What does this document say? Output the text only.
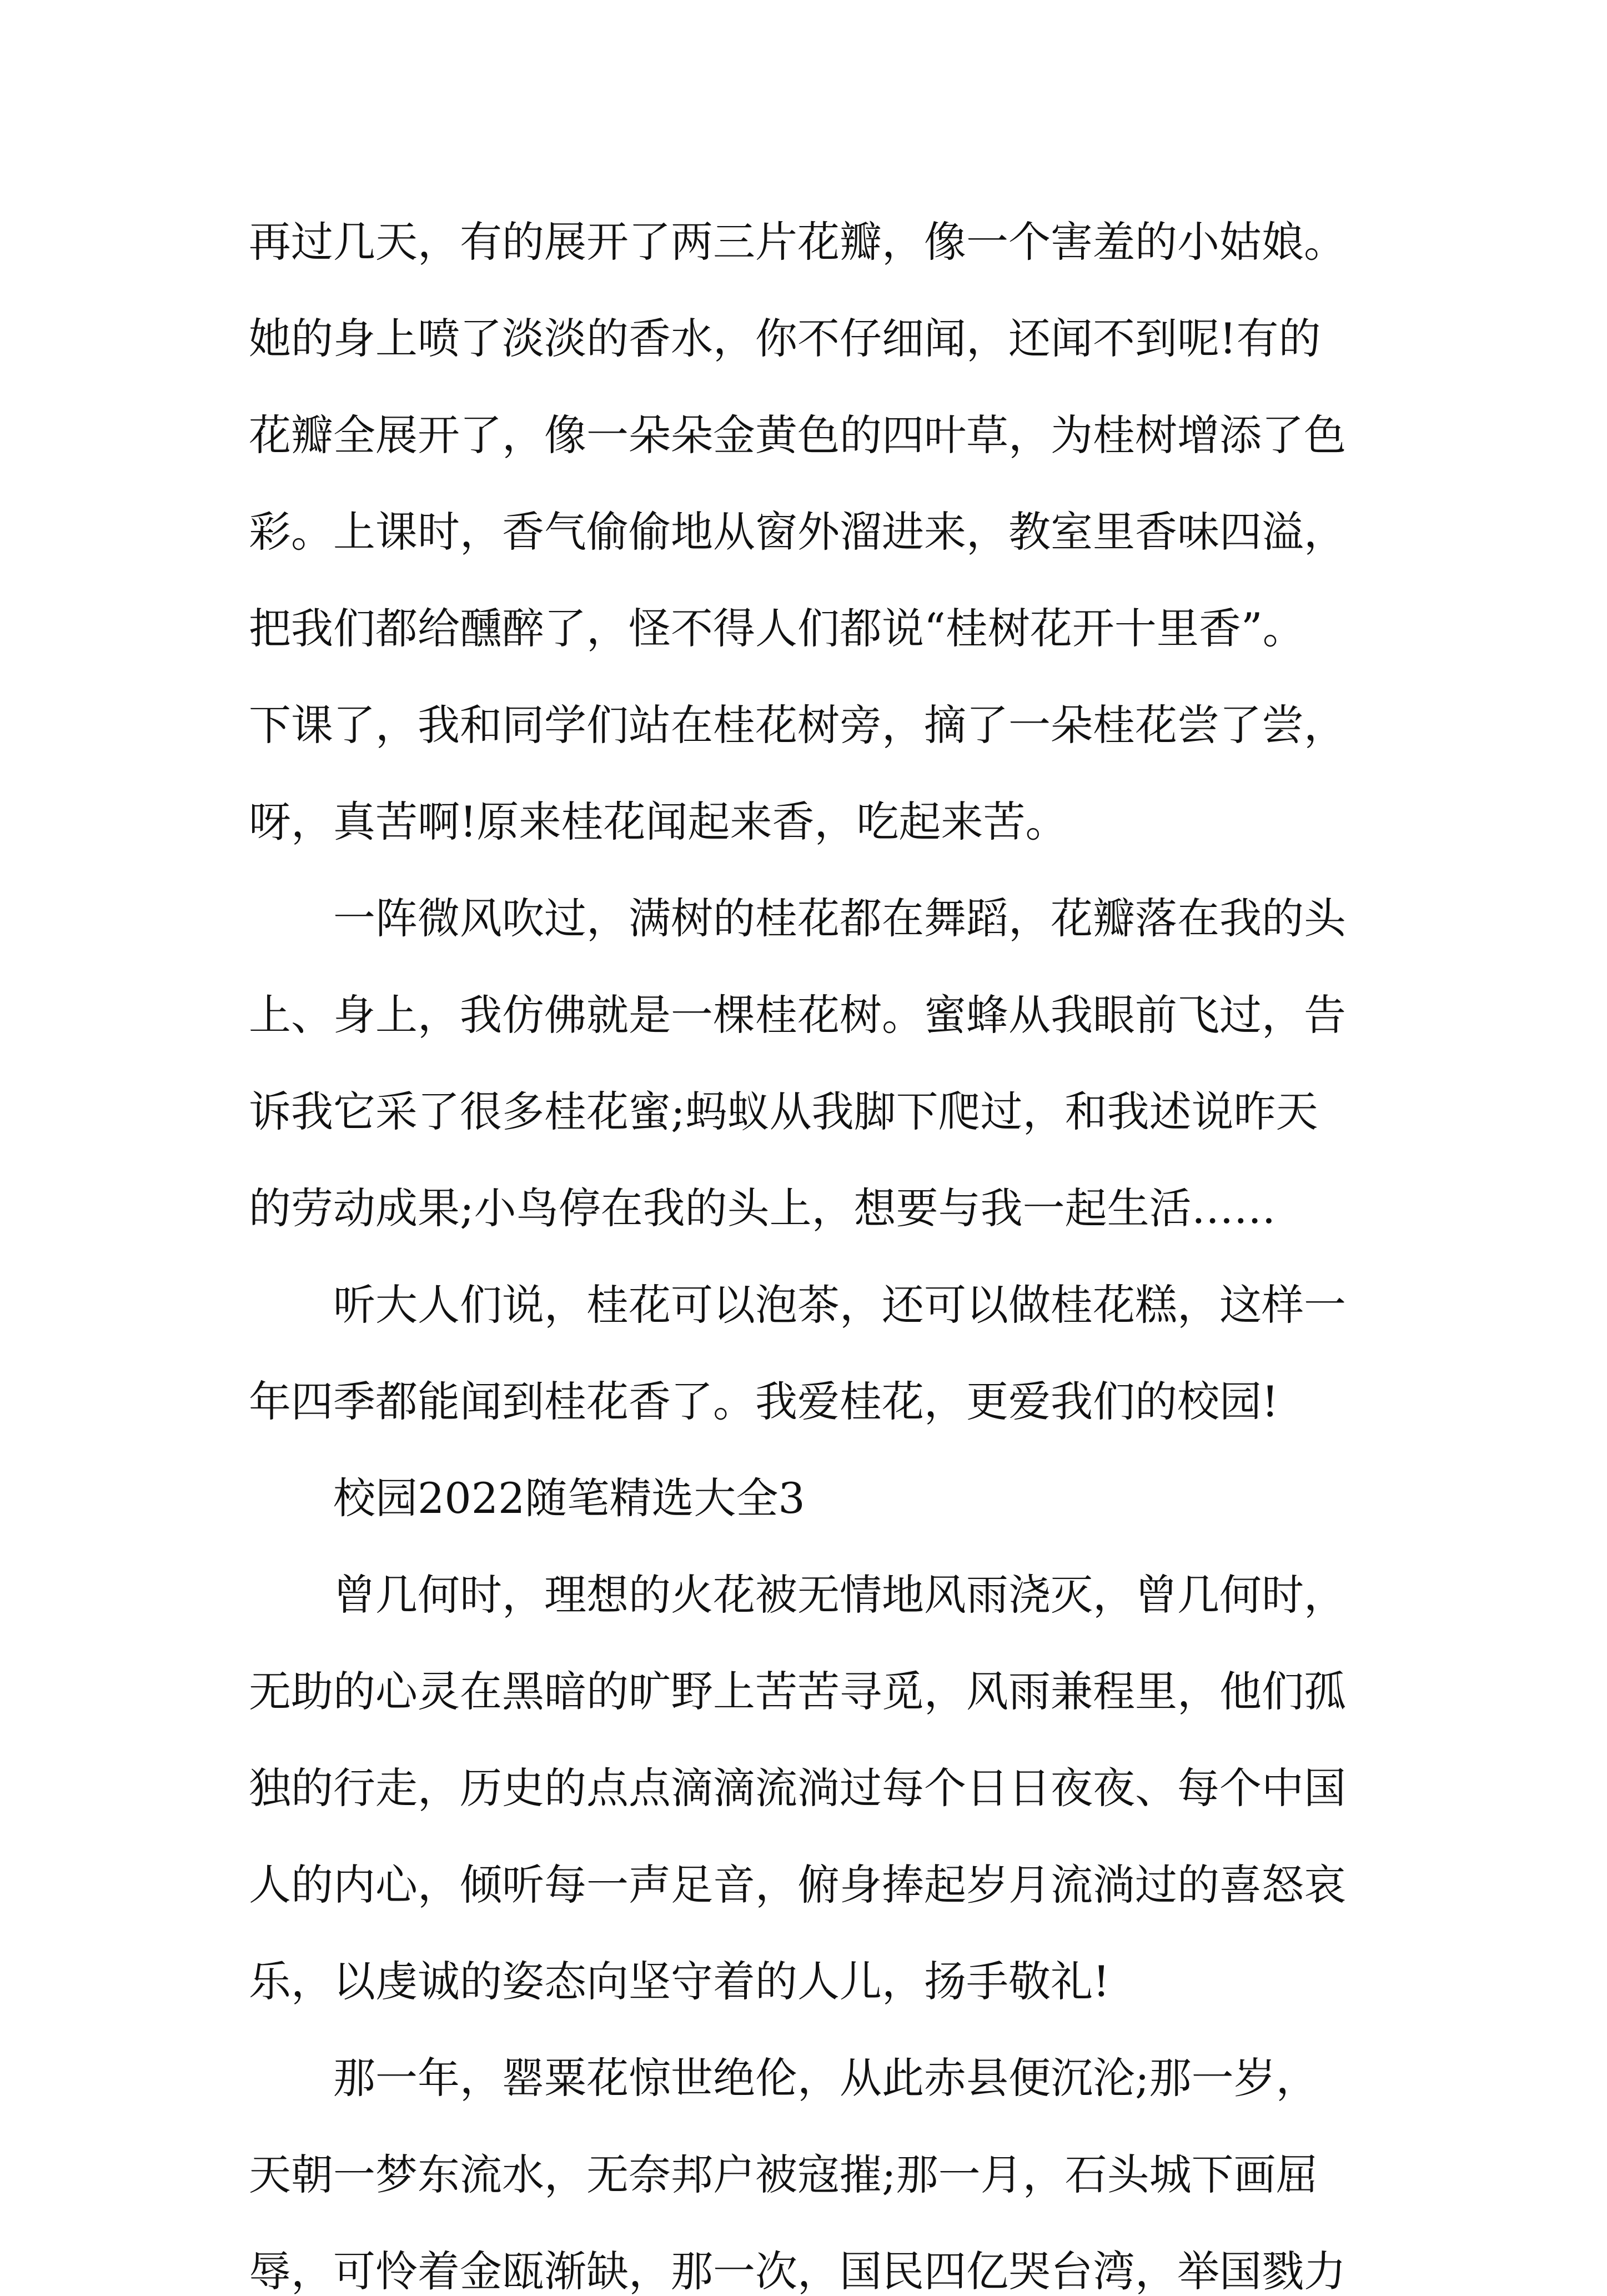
再过几天，有的展开了两三片花瓣，像一个害羞的小姑娘。
她的身上喷了淡淡的香水，你不仔细闻，还闻不到呢!有的
花瓣全展开了，像一朵朵金黄色的四叶草，为桂树增添了色
彩。上课时，香气偷偷地从窗外溜进来，教室里香味四溢，
把我们都给醺醉了，怪不得人们都说“桂树花开十里香”。
下课了，我和同学们站在桂花树旁，摘了一朵桂花尝了尝，
呀，真苦啊!原来桂花闻起来香，吃起来苦。
一阵微风吹过，满树的桂花都在舞蹈，花瓣落在我的头
上、身上，我仿佛就是一棵桂花树。蜜蜂从我眼前飞过，告
诉我它采了很多桂花蜜;蚂蚁从我脚下爬过，和我述说昨天
的劳动成果;小鸟停在我的头上，想要与我一起生活……
听大人们说，桂花可以泡茶，还可以做桂花糕，这样一
年四季都能闻到桂花香了。我爱桂花，更爱我们的校园!
校园2022随笔精选大全3
曾几何时，理想的火花被无情地风雨浇灭，曾几何时，
无助的心灵在黑暗的旷野上苦苦寻觅，风雨兼程里，他们孤
独的行走，历史的点点滴滴流淌过每个日日夜夜、每个中国
人的内心，倾听每一声足音，俯身捧起岁月流淌过的喜怒哀
乐，以虔诚的姿态向坚守着的人儿，扬手敬礼!
那一年，罂粟花惊世绝伦，从此赤县便沉沦;那一岁，
天朝一梦东流水，无奈邦户被寇摧;那一月，石头城下画屈
辱，可怜着金瓯渐缺，那一次，国民四亿哭台湾，举国戮力
